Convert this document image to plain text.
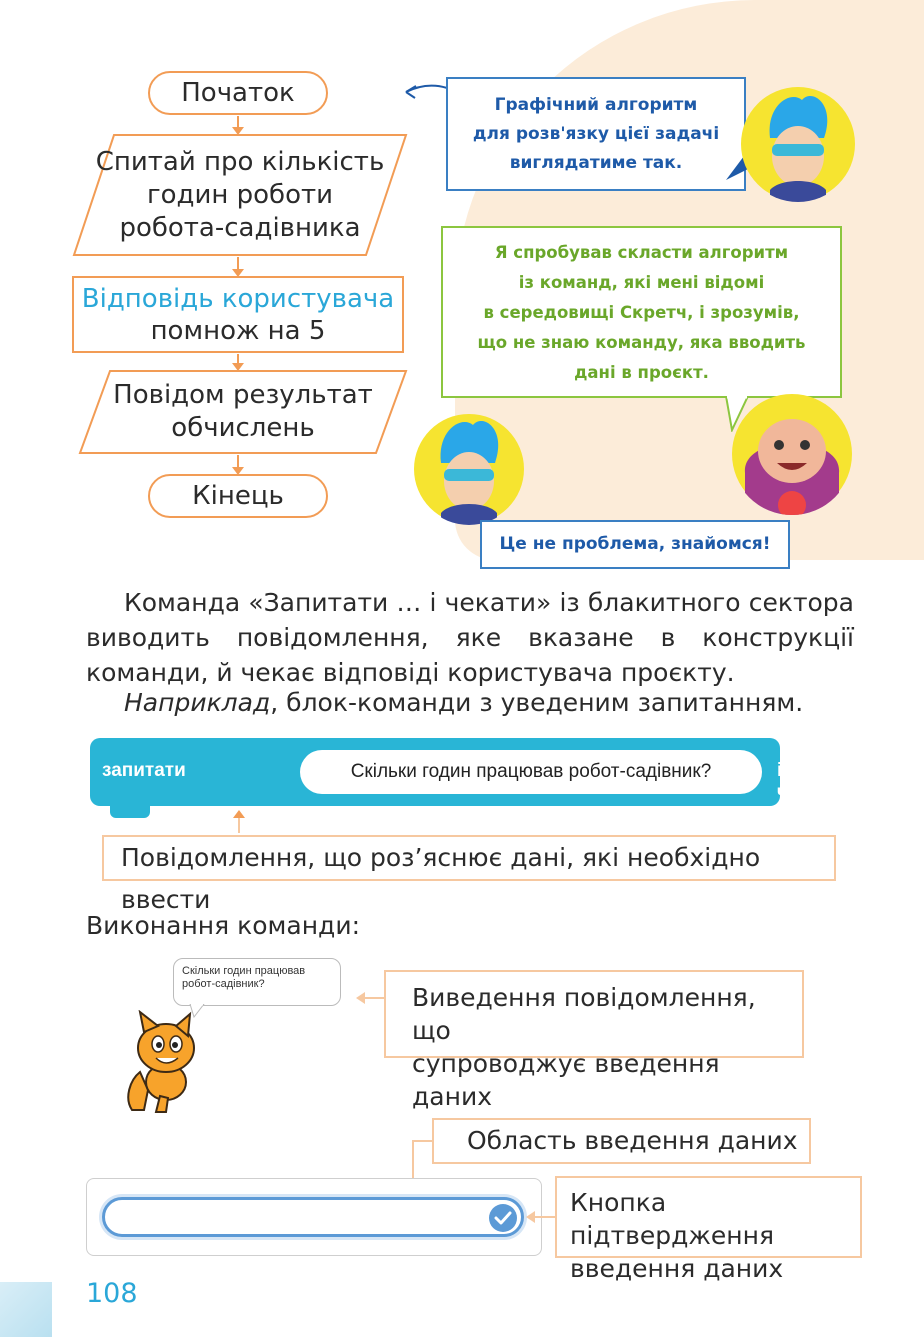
Початок
Спитай про кількість
годин роботи
робота-садівника
Відповідь користувача
помнож на 5
Повідом результат
обчислень
Кінець
Графічний алгоритм
для розв'язку цієї задачі
виглядатиме так.
Я спробував скласти алгоритм
із команд, які мені відомі
в середовищі Скретч, і зрозумів,
що не знаю команду, яка вводить
дані в проєкт.
Це не проблема, знайомся!
Команда «Запитати … і чекати» із блакитного сектора виводить повідомлення, яке вказане в конструкції команди, й чекає відповіді користувача проєкту.
Наприклад, блок-команди з уведеним запитанням.
запитати	Скільки годин працював робот-садівник?	і чекати
Повідомлення, що роз’яснює дані, які необхідно ввести
Виконання команди:
Скільки годин працював
робот-садівник?	Виведення повідомлення, що
супроводжує введення даних
Область введення даних
Кнопка підтвердження
введення даних
108
